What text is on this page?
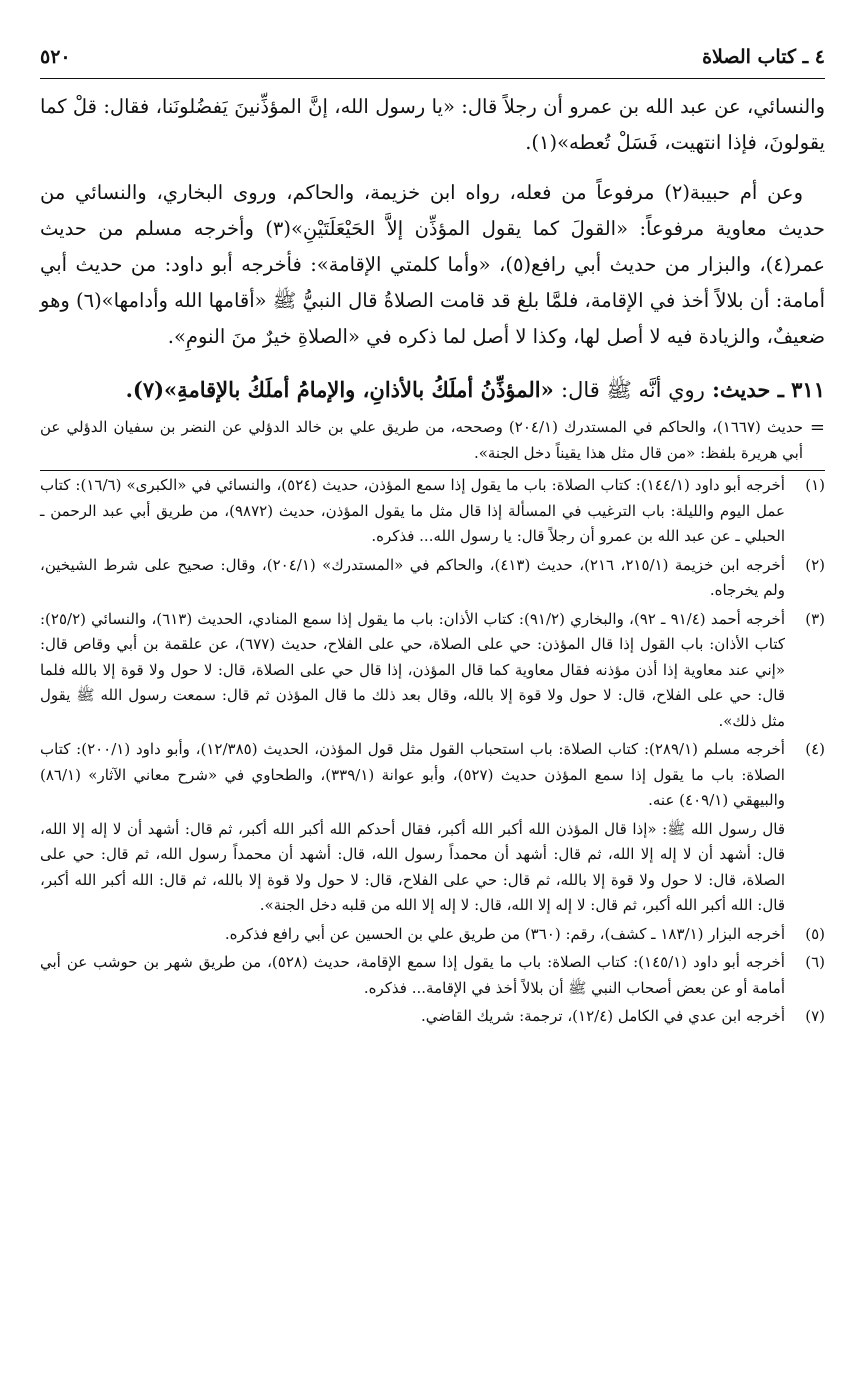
٤ ـ كتاب الصلاة
٥٢٠

والنسائي، عن عبد الله بن عمرو أن رجلاً قال: «يا رسول الله، إنَّ المؤذِّنينَ يَفضُلونَنا، فقال: قلْ كما يقولونَ، فإذا انتهيت، فَسَلْ تُعطه»(١).

وعن أم حبيبة(٢) مرفوعاً من فعله، رواه ابن خزيمة، والحاكم، وروى البخاري، والنسائي من حديث معاوية مرفوعاً: «القولَ كما يقول المؤذِّن إلاَّ الحَيْعَلَتَيْنِ»(٣) وأخرجه مسلم من حديث عمر(٤)، والبزار من حديث أبي رافع(٥)، «وأما كلمتي الإقامة»: فأخرجه أبو داود: من حديث أبي أمامة: أن بلالاً أخذ في الإقامة، فلمَّا بلغ قد قامت الصلاةُ قال النبيُّ ﷺ «أقامها الله وأدامها»(٦) وهو ضعيفٌ، والزيادة فيه لا أصل لها، وكذا لا أصل لما ذكره في «الصلاةِ خيرٌ منَ النومِ».

٣١١ ـ حديث: روي أنَّه ﷺ قال: «المؤذِّنُ أملَكُ بالأذانِ، والإمامُ أملَكُ بالإقامةِ»(٧).
=
حديث (١٦٦٧)، والحاكم في المستدرك (٢٠٤/١) وصححه، من طريق علي بن خالد الدؤلي عن النضر بن سفيان الدؤلي عن أبي هريرة بلفظ: «من قال مثل هذا يقيناً دخل الجنة».
(١)
أخرجه أبو داود (١٤٤/١): كتاب الصلاة: باب ما يقول إذا سمع المؤذن، حديث (٥٢٤)، والنسائي في «الكبرى» (١٦/٦): كتاب عمل اليوم والليلة: باب الترغيب في المسألة إذا قال مثل ما يقول المؤذن، حديث (٩٨٧٢)، من طريق أبي عبد الرحمن ـ الحبلي ـ عن عبد الله بن عمرو أن رجلاً قال: يا رسول الله... فذكره.
(٢)
أخرجه ابن خزيمة (٢١٥/١، ٢١٦)، حديث (٤١٣)، والحاكم في «المستدرك» (٢٠٤/١)، وقال: صحيح على شرط الشيخين، ولم يخرجاه.
(٣)
أخرجه أحمد (٩١/٤ ـ ٩٢)، والبخاري (٩١/٢): كتاب الأذان: باب ما يقول إذا سمع المنادي، الحديث (٦١٣)، والنسائي (٢٥/٢): كتاب الأذان: باب القول إذا قال المؤذن: حي على الصلاة، حي على الفلاح، حديث (٦٧٧)، عن علقمة بن أبي وقاص قال: «إني عند معاوية إذا أذن مؤذنه فقال معاوية كما قال المؤذن، إذا قال حي على الصلاة، قال: لا حول ولا قوة إلا بالله فلما قال: حي على الفلاح، قال: لا حول ولا قوة إلا بالله، وقال بعد ذلك ما قال المؤذن ثم قال: سمعت رسول الله ﷺ يقول مثل ذلك».
(٤)
أخرجه مسلم (٢٨٩/١): كتاب الصلاة: باب استحباب القول مثل قول المؤذن، الحديث (١٢/٣٨٥)، وأبو داود (٢٠٠/١): كتاب الصلاة: باب ما يقول إذا سمع المؤذن حديث (٥٢٧)، وأبو عوانة (٣٣٩/١)، والطحاوي في «شرح معاني الآثار» (٨٦/١) والبيهقي (٤٠٩/١) عنه.
قال رسول الله ﷺ: «إذا قال المؤذن الله أكبر الله أكبر، فقال أحدكم الله أكبر الله أكبر، ثم قال: أشهد أن لا إله إلا الله، قال: أشهد أن لا إله إلا الله، ثم قال: أشهد أن محمداً رسول الله، قال: أشهد أن محمداً رسول الله، ثم قال: حي على الصلاة، قال: لا حول ولا قوة إلا بالله، ثم قال: حي على الفلاح، قال: لا حول ولا قوة إلا بالله، ثم قال: الله أكبر الله أكبر، قال: الله أكبر الله أكبر، ثم قال: لا إله إلا الله، قال: لا إله إلا الله من قلبه دخل الجنة».
(٥)
أخرجه البزار (١٨٣/١ ـ كشف)، رقم: (٣٦٠) من طريق علي بن الحسين عن أبي رافع فذكره.
(٦)
أخرجه أبو داود (١٤٥/١): كتاب الصلاة: باب ما يقول إذا سمع الإقامة، حديث (٥٢٨)، من طريق شهر بن حوشب عن أبي أمامة أو عن بعض أصحاب النبي ﷺ أن بلالاً أخذ في الإقامة... فذكره.
(٧)
أخرجه ابن عدي في الكامل (١٢/٤)، ترجمة: شريك القاضي.
